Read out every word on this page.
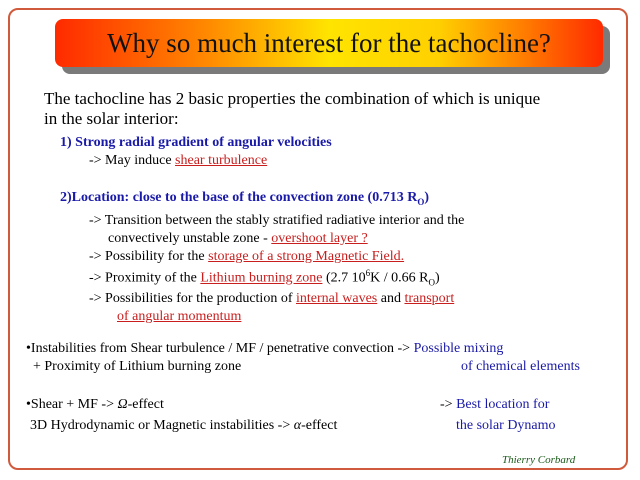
Why so much interest for the tachocline?
The tachocline has 2 basic properties the combination of which is unique
in the solar interior:
1) Strong radial gradient of angular velocities
-> May induce shear turbulence
2)Location: close to the base of the convection zone (0.713 $R_O$)
-> Transition between the stably stratified radiative interior and the
convectively unstable zone - overshoot layer ?
-> Possibility for the storage of a strong Magnetic Field.
-> Proximity of the Lithium burning zone (2.7 $10^6K / 0.66$ $R_O$)
-> Possibilities for the production of internal waves and transport
of angular momentum
•Instabilities from Shear turbulence / MF / penetrative convection -> Possible mixing
+ Proximity of Lithium burning zone	of chemical elements
•Shear + MF -> Ω-effect	-> Best location for
3D Hydrodynamic or Magnetic instabilities -> α-effect	the solar Dynamo
Thierry Corbard
